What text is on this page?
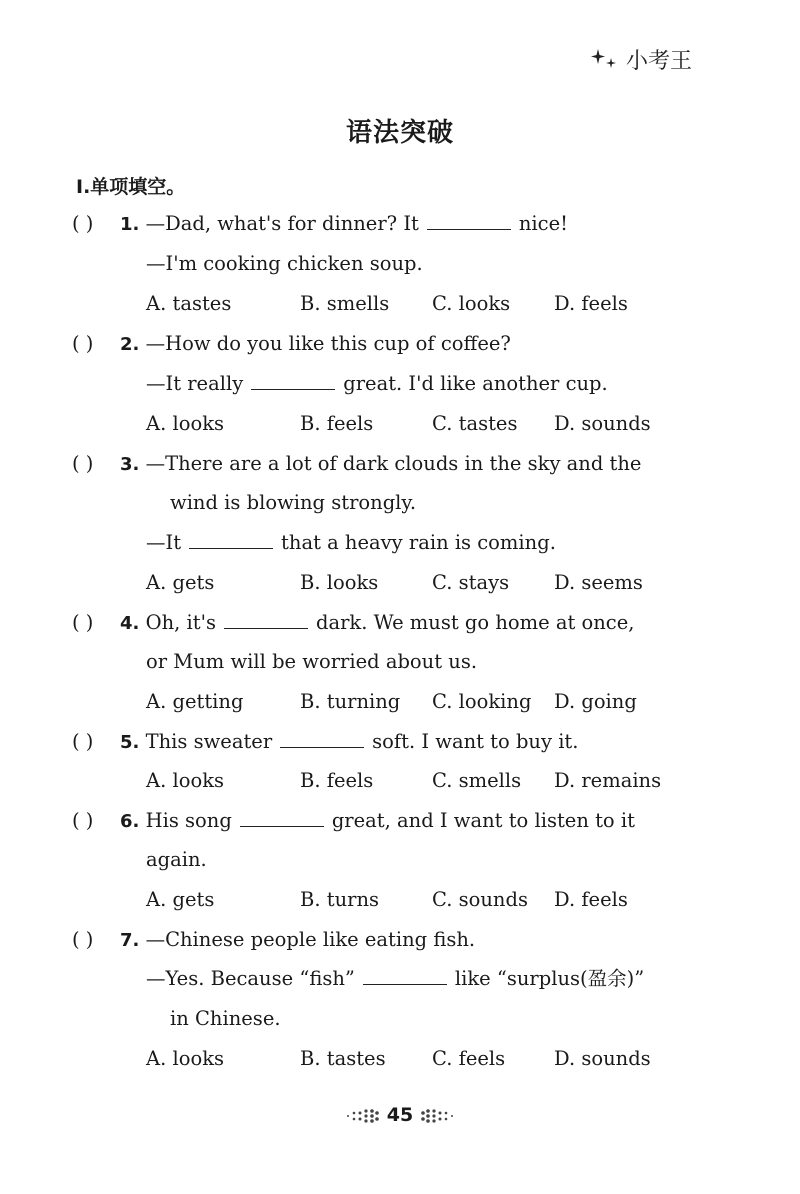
小考王
语法突破
Ⅰ.单项填空。
( ) 1. —Dad, what's for dinner? It	nice!
—I'm cooking chicken soup.
A. tastes	B. smells C. looks D. feels
( ) 2. —How do you like this cup of coffee?
—It really	great. I'd like another cup.
A. looks	B. feels	C. tastes D. sounds
( ) 3. —There are a lot of dark clouds in the sky and the
wind is blowing strongly.
—It	that a heavy rain is coming.
A. gets	B. looks	C. stays D. seems
( ) 4. Oh, it's	dark. We must go home at once,
or Mum will be worried about us.
A. getting	B. turning C. looking D. going
( ) 5. This sweater	soft. I want to buy it.
A. looks	B. feels	C. smells D. remains
( ) 6. His song	great, and I want to listen to it
again.
A. gets	B. turns	C. sounds D. feels
( ) 7. —Chinese people like eating fish.
—Yes. Because “fish”	like “surplus(盈余)”
in Chinese.
A. looks	B. tastes C. feels	D. sounds
45
